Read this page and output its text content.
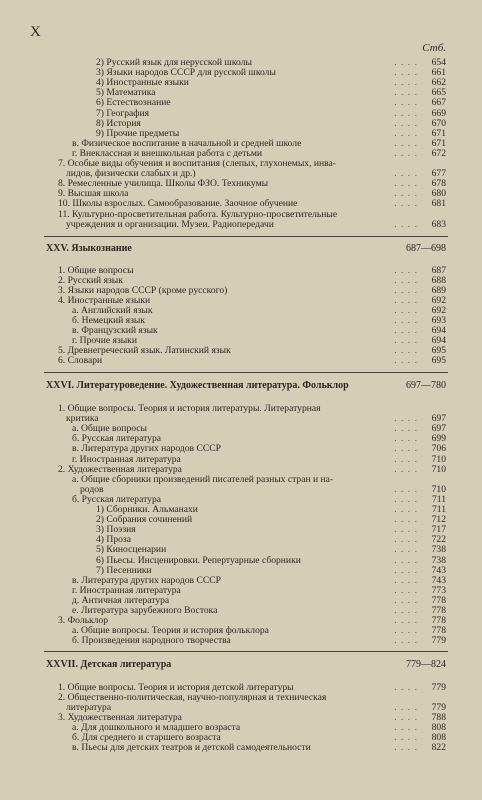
X
Стб.
2) Русский язык для нерусской школы	. . . . 654
3) Языки народов СССР для русской школы	. . . . 661
4) Иностранные языки	. . . . 662
5) Математика	. . . . 665
6) Естествознание	. . . . 667
7) География	. . . . 669
8) История	. . . . 670
9) Прочие предметы	. . . . 671
в. Физическое воспитание в начальной и средней школе	. . . . 671
г. Внеклассная и внешкольная работа с детьми	. . . . 672
7. Особые виды обучения и воспитания (слепых, глухонемых, инва-
лидов, физически слабых и др.)	. . . . 677
8. Ремесленные училища. Школы ФЗО. Техникумы	. . . . 678
9. Высшая школа	. . . . 680
10. Школы взрослых. Самообразование. Заочное обучение	. . . . 681
11. Культурно-просветительная работа. Культурно-просветительные
учреждения и организации. Музеи. Радиопередачи	. . . . 683
XXV. Языкознание	687—698
1. Общие вопросы	. . . . 687
2. Русский язык	. . . . 688
3. Языки народов СССР (кроме русского)	. . . . 689
4. Иностранные языки	. . . . 692
а. Английский язык	. . . . 692
б. Немецкий язык	. . . . 693
в. Французский язык	. . . . 694
г. Прочие языки	. . . . 694
5. Древнегреческий язык. Латинский язык	. . . . 695
6. Словари	. . . . 695
XXVI. Литературоведение. Художественная литература. Фольклор	697—780
1. Общие вопросы. Теория и история литературы. Литературная
критика	. . . . 697
а. Общие вопросы	. . . . 697
б. Русская литература	. . . . 699
в. Литература других народов СССР	. . . . 706
г. Иностранная литература	. . . . 710
2. Художественная литература	. . . . 710
а. Общие сборники произведений писателей разных стран и на-
родов	. . . . 710
б. Русская литература	. . . . 711
1) Сборники. Альманахи	. . . . 711
2) Собрания сочинений	. . . . 712
3) Поэзия	. . . . 717
4) Проза	. . . . 722
5) Киносценарии	. . . . 738
6) Пьесы. Инсценировки. Репертуарные сборники	. . . . 738
7) Песенники	. . . . 743
в. Литература других народов СССР	. . . . 743
г. Иностранная литература	. . . . 773
д. Античная литература	. . . . 778
е. Литература зарубежного Востока	. . . . 778
3. Фольклор	. . . . 778
а. Общие вопросы. Теория и история фольклора	. . . . 778
б. Произведения народного творчества	. . . . 779
XXVII. Детская литература	779—824
1. Общие вопросы. Теория и история детской литературы	. . . . 779
2. Общественно-политическая, научно-популярная и техническая
литература	. . . . 779
3. Художественная литература	. . . . 788
а. Для дошкольного и младшего возраста	. . . . 808
б. Для среднего и старшего возраста	. . . . 808
в. Пьесы для детских театров и детской самодеятельности	. . . . 822
